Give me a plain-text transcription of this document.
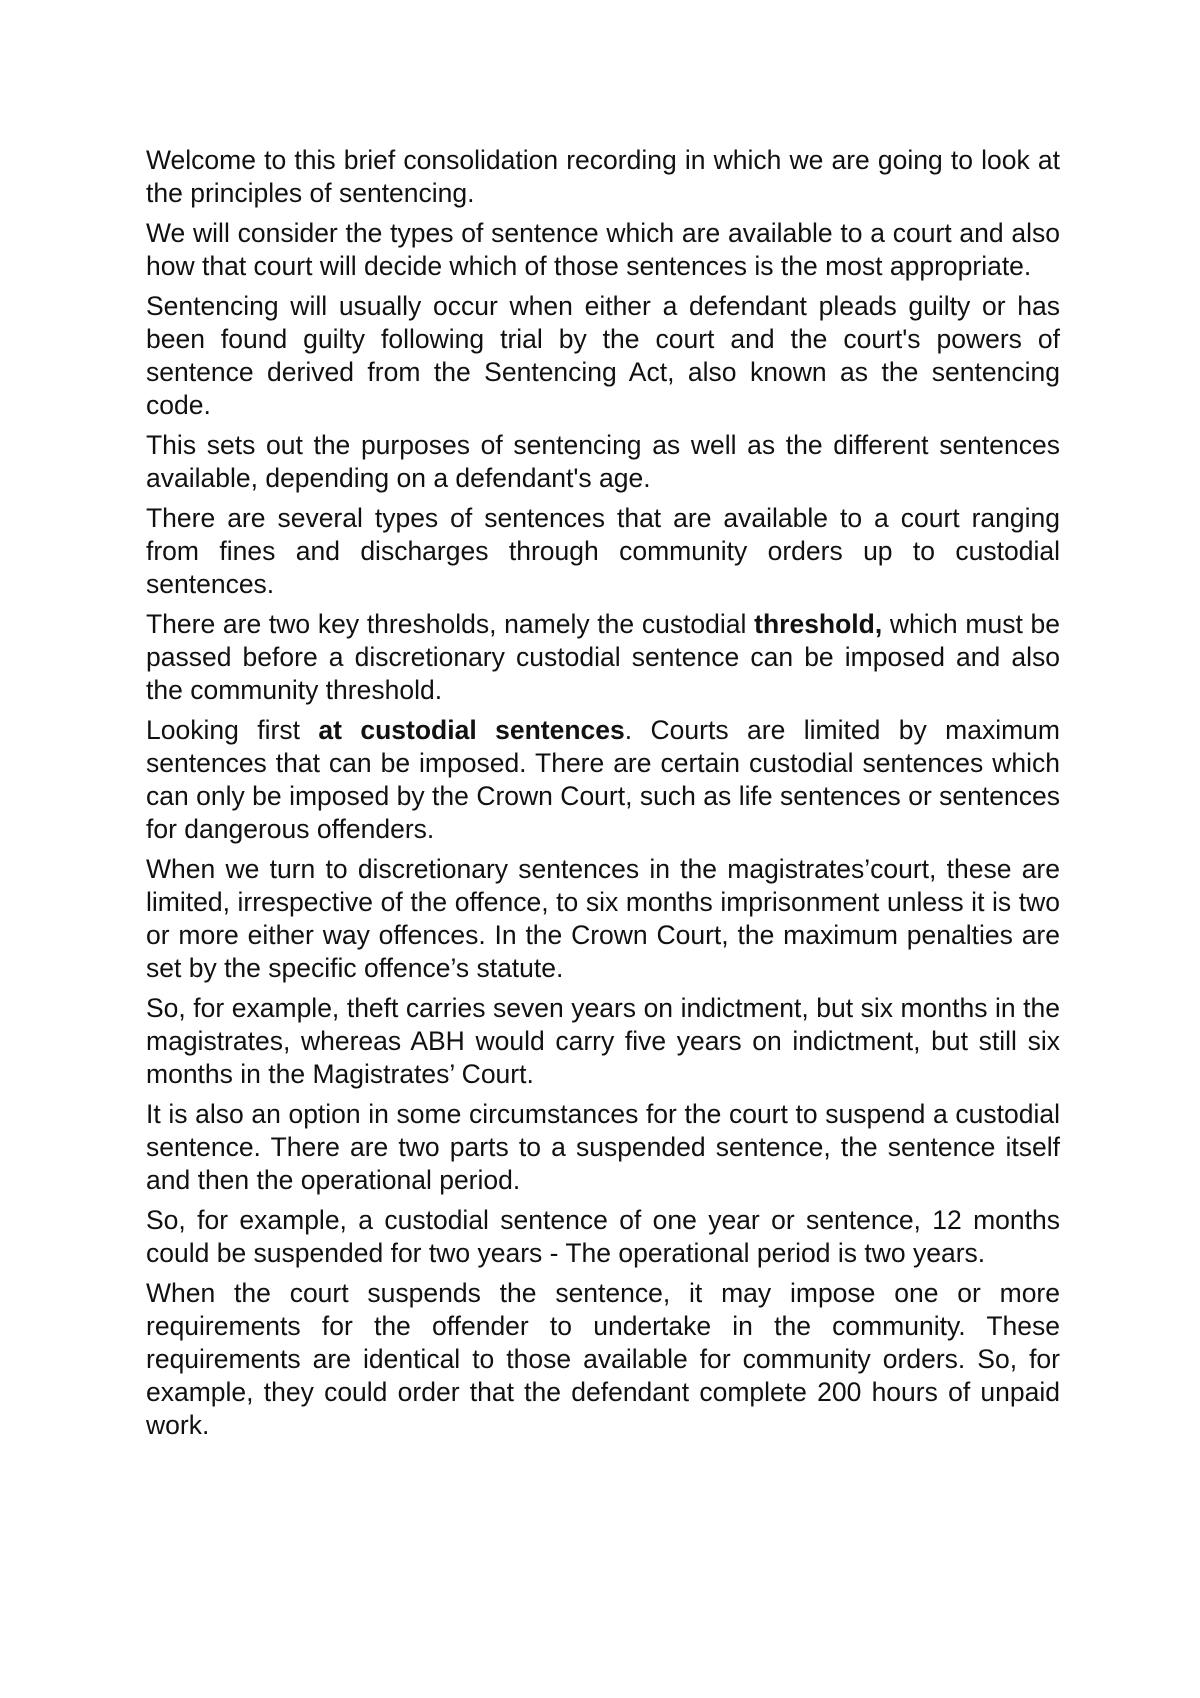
Welcome to this brief consolidation recording in which we are going to look at the principles of sentencing.

We will consider the types of sentence which are available to a court and also how that court will decide which of those sentences is the most appropriate.

Sentencing will usually occur when either a defendant pleads guilty or has been found guilty following trial by the court and the court's powers of sentence derived from the Sentencing Act, also known as the sentencing code.

This sets out the purposes of sentencing as well as the different sentences available, depending on a defendant's age.

There are several types of sentences that are available to a court ranging from fines and discharges through community orders up to custodial sentences.

There are two key thresholds, namely the custodial threshold, which must be passed before a discretionary custodial sentence can be imposed and also the community threshold.

Looking first at custodial sentences. Courts are limited by maximum sentences that can be imposed. There are certain custodial sentences which can only be imposed by the Crown Court, such as life sentences or sentences for dangerous offenders.

When we turn to discretionary sentences in the magistrates’court, these are limited, irrespective of the offence, to six months imprisonment unless it is two or more either way offences. In the Crown Court, the maximum penalties are set by the specific offence’s statute.

So, for example, theft carries seven years on indictment, but six months in the magistrates, whereas ABH would carry five years on indictment, but still six months in the Magistrates’ Court.

It is also an option in some circumstances for the court to suspend a custodial sentence. There are two parts to a suspended sentence, the sentence itself and then the operational period.

So, for example, a custodial sentence of one year or sentence, 12 months could be suspended for two years - The operational period is two years.

When the court suspends the sentence, it may impose one or more requirements for the offender to undertake in the community. These requirements are identical to those available for community orders. So, for example, they could order that the defendant complete 200 hours of unpaid work.
